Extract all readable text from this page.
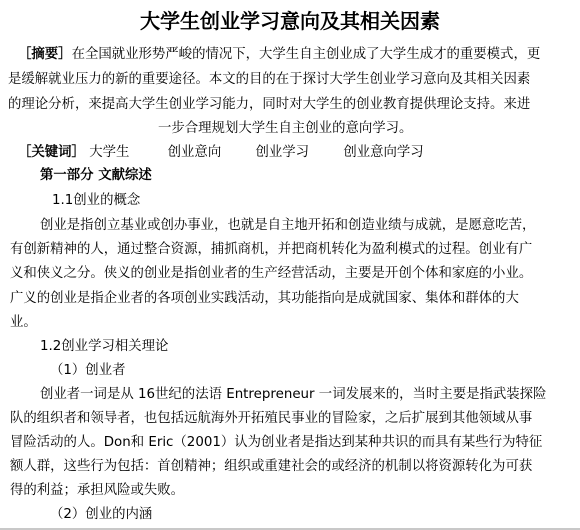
大学生创业学习意向及其相关因素
［摘要］在全国就业形势严峻的情况下，大学生自主创业成了大学生成才的重要模式，更
是缓解就业压力的新的重要途径。本文的目的在于探讨大学生创业学习意向及其相关因素
的理论分析，来提高大学生创业学习能力，同时对大学生的创业教育提供理论支持。来进
一步合理规划大学生自主创业的意向学习。
［关键词］ 大学生	创业意向	创业学习	创业意向学习
第一部分 文献综述
1.1创业的概念
创业是指创立基业或创办事业，也就是自主地开拓和创造业绩与成就，是愿意吃苦，
有创新精神的人，通过整合资源，捕抓商机，并把商机转化为盈利模式的过程。创业有广
义和侠义之分。侠义的创业是指创业者的生产经营活动，主要是开创个体和家庭的小业。
广义的创业是指企业者的各项创业实践活动，其功能指向是成就国家、集体和群体的大
业。
1.2创业学习相关理论
（1）创业者
创业者一词是从 16世纪的法语 Entrepreneur 一词发展来的，当时主要是指武装探险
队的组织者和领导者，也包括远航海外开拓殖民事业的冒险家，之后扩展到其他领域从事
冒险活动的人。Don和 Eric（2001）认为创业者是指达到某种共识的而具有某些行为特征
额人群，这些行为包括：首创精神；组织或重建社会的或经济的机制以将资源转化为可获
得的利益；承担风险或失败。
（2）创业的内涵
